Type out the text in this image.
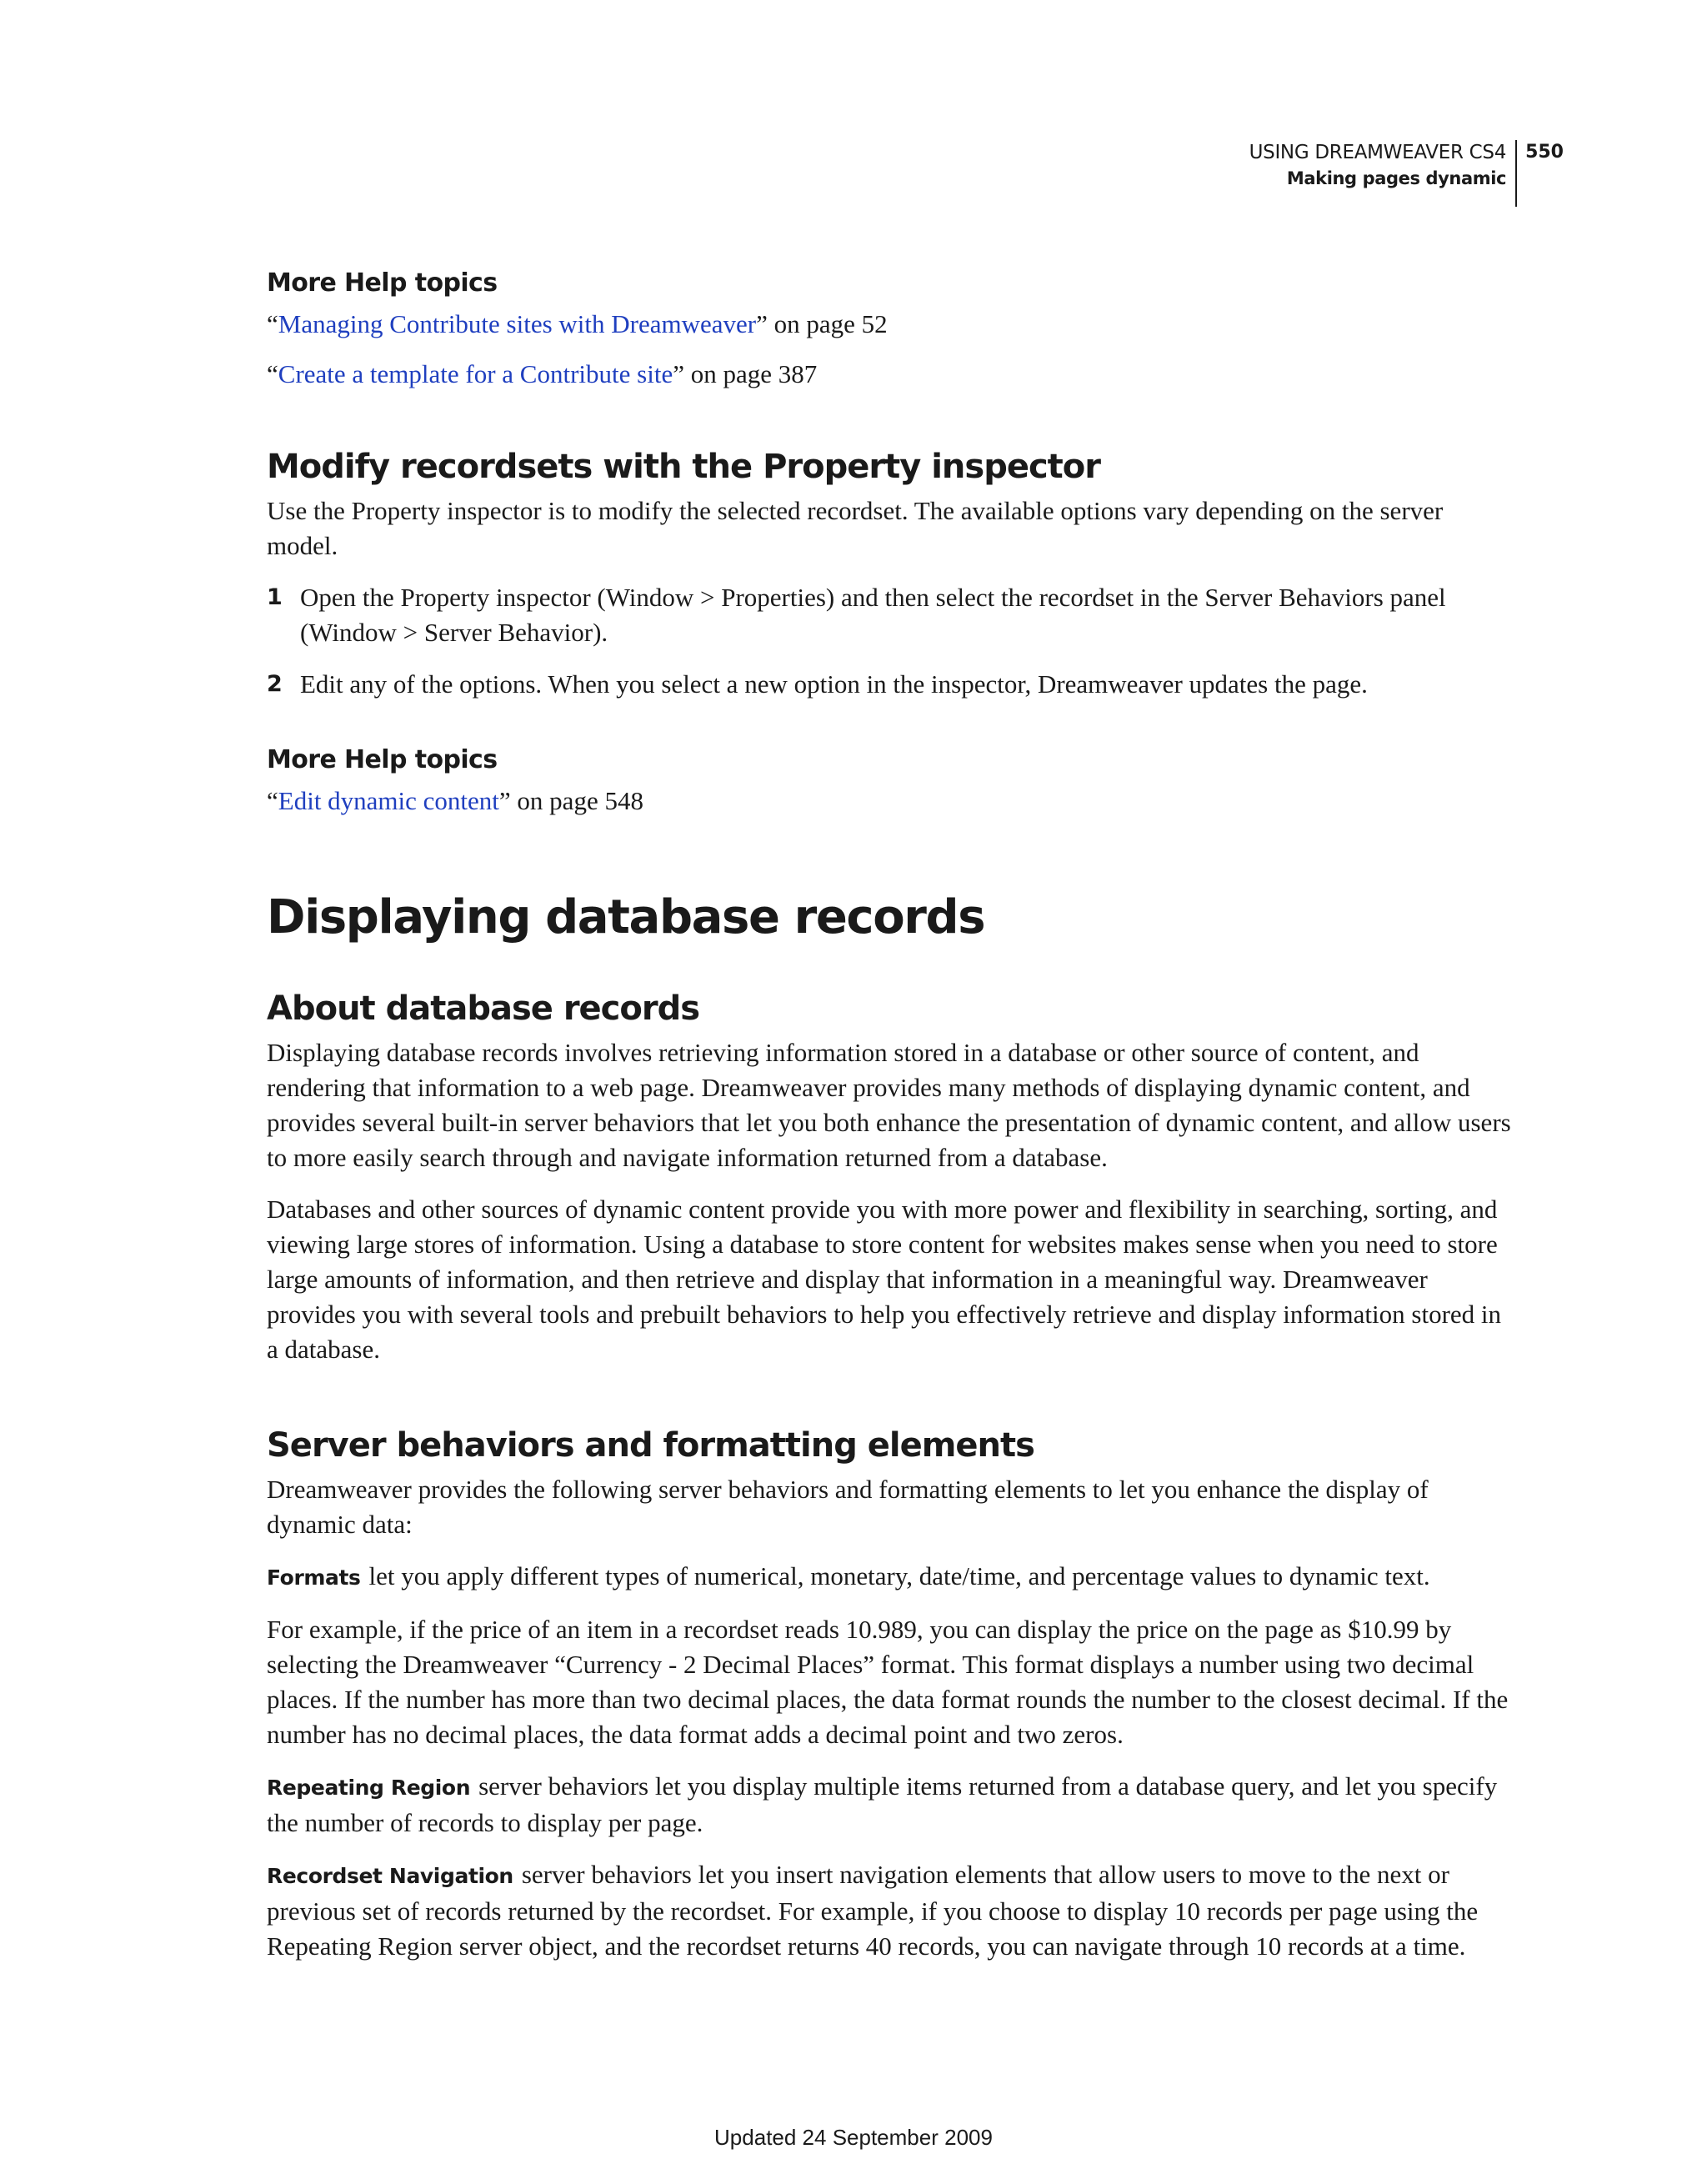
USING DREAMWEAVER CS4
Making pages dynamic
550
More Help topics
“Managing Contribute sites with Dreamweaver” on page 52
“Create a template for a Contribute site” on page 387
Modify recordsets with the Property inspector

Use the Property inspector is to modify the selected recordset. The available options vary depending on the server model.

1 Open the Property inspector (Window > Properties) and then select the recordset in the Server Behaviors panel (Window > Server Behavior).
2 Edit any of the options. When you select a new option in the inspector, Dreamweaver updates the page.
More Help topics
“Edit dynamic content” on page 548
Displaying database records
About database records

Displaying database records involves retrieving information stored in a database or other source of content, and rendering that information to a web page. Dreamweaver provides many methods of displaying dynamic content, and provides several built-in server behaviors that let you both enhance the presentation of dynamic content, and allow users to more easily search through and navigate information returned from a database.

Databases and other sources of dynamic content provide you with more power and flexibility in searching, sorting, and viewing large stores of information. Using a database to store content for websites makes sense when you need to store large amounts of information, and then retrieve and display that information in a meaningful way. Dreamweaver provides you with several tools and prebuilt behaviors to help you effectively retrieve and display information stored in a database.

Server behaviors and formatting elements

Dreamweaver provides the following server behaviors and formatting elements to let you enhance the display of dynamic data:

Formats let you apply different types of numerical, monetary, date/time, and percentage values to dynamic text.

For example, if the price of an item in a recordset reads 10.989, you can display the price on the page as $10.99 by selecting the Dreamweaver “Currency - 2 Decimal Places” format. This format displays a number using two decimal places. If the number has more than two decimal places, the data format rounds the number to the closest decimal. If the number has no decimal places, the data format adds a decimal point and two zeros.

Repeating Region server behaviors let you display multiple items returned from a database query, and let you specify the number of records to display per page.

Recordset Navigation server behaviors let you insert navigation elements that allow users to move to the next or previous set of records returned by the recordset. For example, if you choose to display 10 records per page using the Repeating Region server object, and the recordset returns 40 records, you can navigate through 10 records at a time.

Updated 24 September 2009
